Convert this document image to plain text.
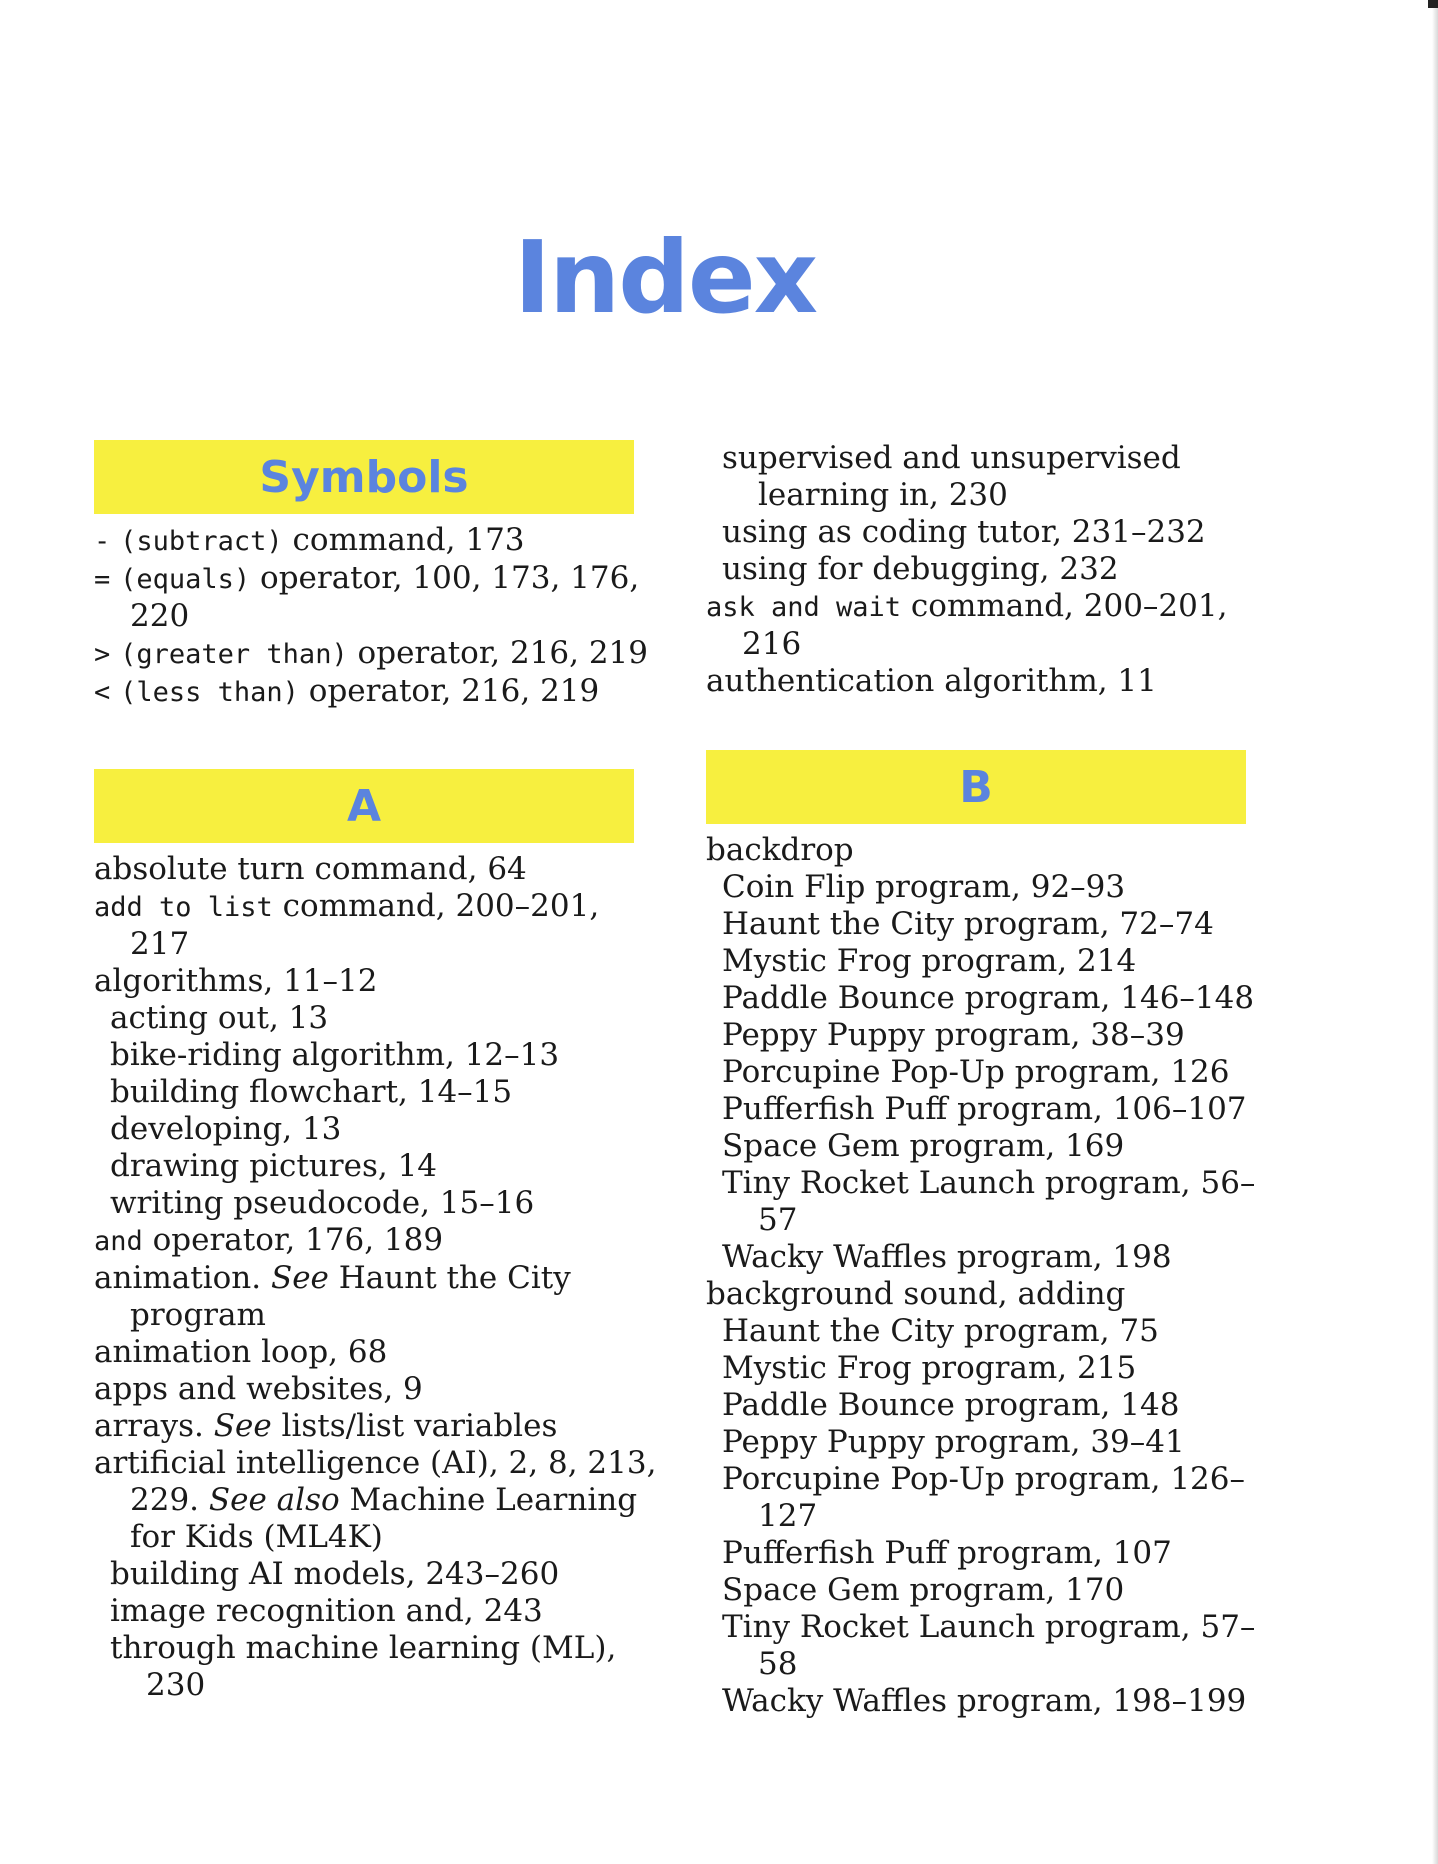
Index
Symbols

- (subtract) command, 173

= (equals) operator, 100, 173, 176, 220

> (greater than) operator, 216, 219

< (less than) operator, 216, 219

A

absolute turn command, 64

add to list command, 200–201, 217

algorithms, 11–12

acting out, 13

bike-riding algorithm, 12–13

building flowchart, 14–15

developing, 13

drawing pictures, 14

writing pseudocode, 15–16

and operator, 176, 189

animation. See Haunt the City program

animation loop, 68

apps and websites, 9

arrays. See lists/list variables

artificial intelligence (AI), 2, 8, 213, 229. See also Machine Learning for Kids (ML4K)

building AI models, 243–260

image recognition and, 243

through machine learning (ML), 230

supervised and unsupervised learning in, 230

using as coding tutor, 231–232

using for debugging, 232

ask and wait command, 200–201, 216

authentication algorithm, 11

B

backdrop

Coin Flip program, 92–93

Haunt the City program, 72–74

Mystic Frog program, 214

Paddle Bounce program, 146–148

Peppy Puppy program, 38–39

Porcupine Pop-Up program, 126

Pufferfish Puff program, 106–107

Space Gem program, 169

Tiny Rocket Launch program, 56–57

Wacky Waffles program, 198

background sound, adding

Haunt the City program, 75

Mystic Frog program, 215

Paddle Bounce program, 148

Peppy Puppy program, 39–41

Porcupine Pop-Up program, 126–127

Pufferfish Puff program, 107

Space Gem program, 170

Tiny Rocket Launch program, 57–58

Wacky Waffles program, 198–199
